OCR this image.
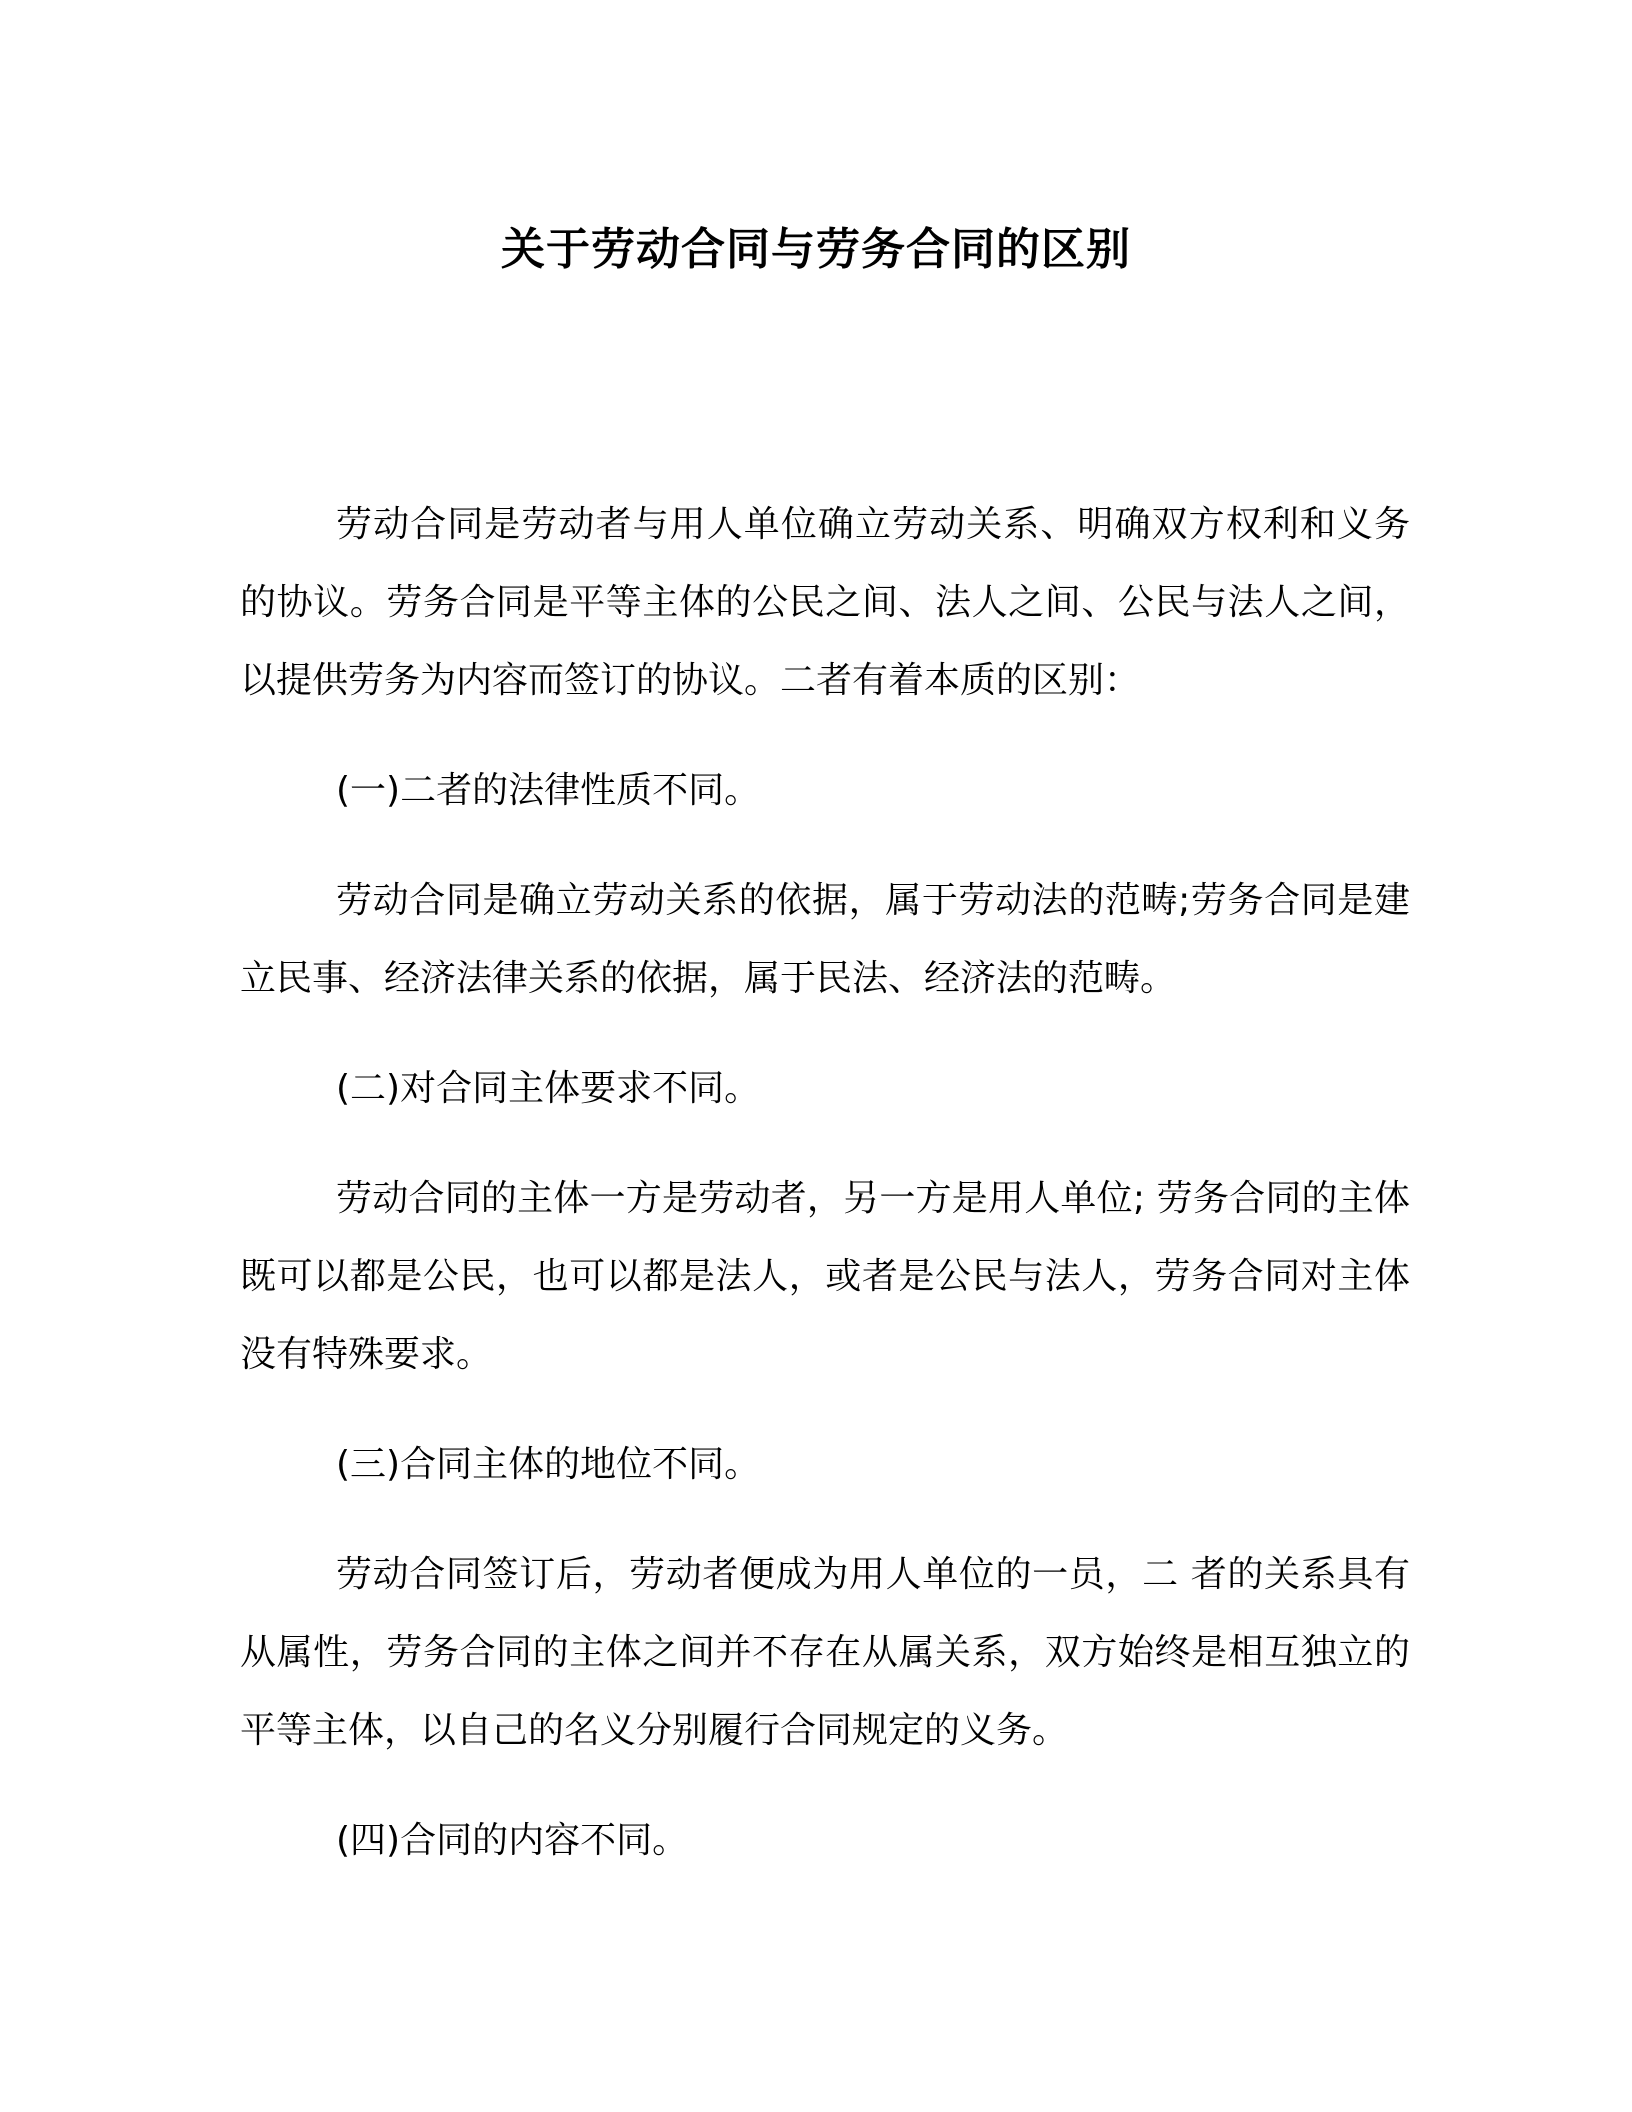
关于劳动合同与劳务合同的区别

劳动合同是劳动者与用人单位确立劳动关系、明确双方权利和义务的协议。劳务合同是平等主体的公民之间、法人之间、公民与法人之间，以提供劳务为内容而签订的协议。二者有着本质的区别：

(一)二者的法律性质不同。

劳动合同是确立劳动关系的依据，属于劳动法的范畴;劳务合同是建立民事、经济法律关系的依据，属于民法、经济法的范畴。

(二)对合同主体要求不同。

劳动合同的主体一方是劳动者，另一方是用人单位; 劳务合同的主体既可以都是公民，也可以都是法人，或者是公民与法人，劳务合同对主体没有特殊要求。

(三)合同主体的地位不同。

劳动合同签订后，劳动者便成为用人单位的一员，二 者的关系具有从属性，劳务合同的主体之间并不存在从属关系，双方始终是相互独立的平等主体，以自己的名义分别履行合同规定的义务。

(四)合同的内容不同。
